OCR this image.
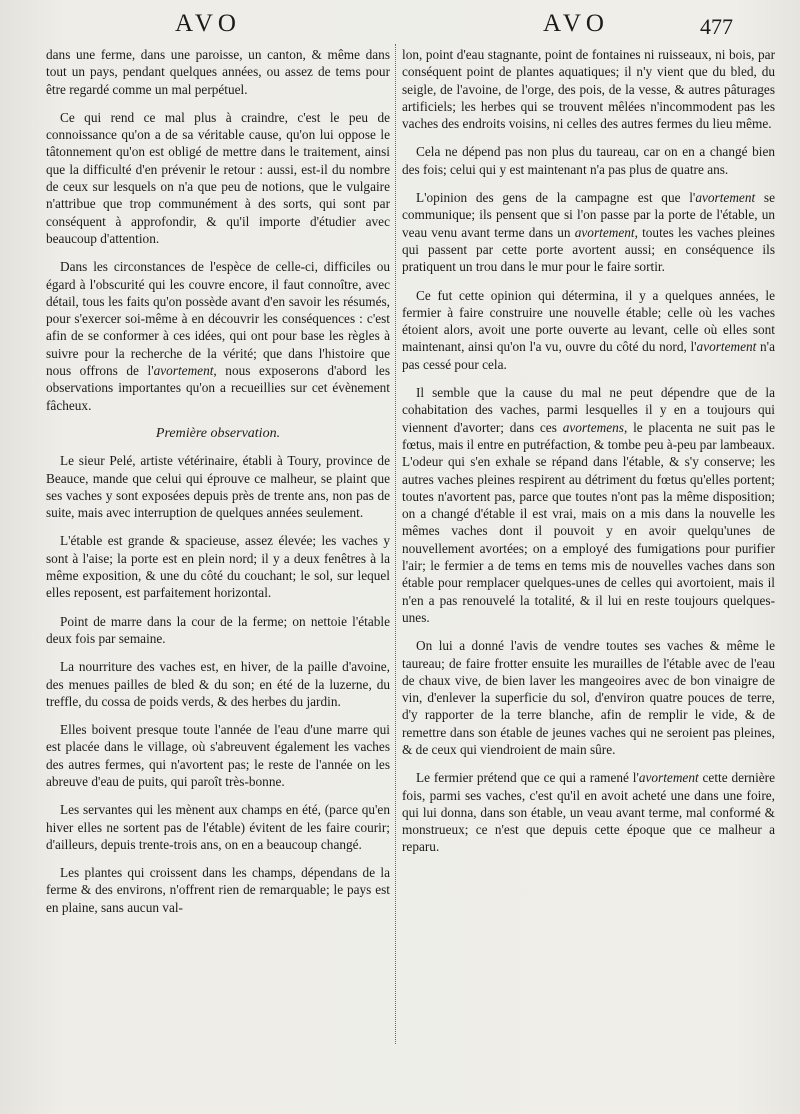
AVO	AVO	477

dans une ferme, dans une paroisse, un canton, & même dans tout un pays, pendant quelques années, ou assez de tems pour être regardé comme un mal perpétuel.

Ce qui rend ce mal plus à craindre, c'est le peu de connoissance qu'on a de sa véritable cause, qu'on lui oppose le tâtonnement qu'on est obligé de mettre dans le traitement, ainsi que la difficulté d'en prévenir le retour : aussi, est-il du nombre de ceux sur lesquels on n'a que peu de notions, que le vulgaire n'attribue que trop communément à des sorts, qui sont par conséquent à approfondir, & qu'il importe d'étudier avec beaucoup d'attention.

Dans les circonstances de l'espèce de celle-ci, difficiles ou égard à l'obscurité qui les couvre encore, il faut connoître, avec détail, tous les faits qu'on possède avant d'en savoir les résumés, pour s'exercer soi-même à en découvrir les conséquences : c'est afin de se conformer à ces idées, qui ont pour base les règles à suivre pour la recherche de la vérité; que dans l'histoire que nous offrons de l'avortement, nous exposerons d'abord les observations importantes qu'on a recueillies sur cet évènement fâcheux.

Première observation.

Le sieur Pelé, artiste vétérinaire, établi à Toury, province de Beauce, mande que celui qui éprouve ce malheur, se plaint que ses vaches y sont exposées depuis près de trente ans, non pas de suite, mais avec interruption de quelques années seulement.

L'étable est grande & spacieuse, assez élevée; les vaches y sont à l'aise; la porte est en plein nord; il y a deux fenêtres à la même exposition, & une du côté du couchant; le sol, sur lequel elles reposent, est parfaitement horizontal.

Point de marre dans la cour de la ferme; on nettoie l'étable deux fois par semaine.

La nourriture des vaches est, en hiver, de la paille d'avoine, des menues pailles de bled & du son; en été de la luzerne, du treffle, du cossa de poids verds, & des herbes du jardin.

Elles boivent presque toute l'année de l'eau d'une marre qui est placée dans le village, où s'abreuvent également les vaches des autres fermes, qui n'avortent pas; le reste de l'année on les abreuve d'eau de puits, qui paroît très-bonne.

Les servantes qui les mènent aux champs en été, (parce qu'en hiver elles ne sortent pas de l'étable) évitent de les faire courir; d'ailleurs, depuis trente-trois ans, on en a beaucoup changé.

Les plantes qui croissent dans les champs, dépendans de la ferme & des environs, n'offrent rien de remarquable; le pays est en plaine, sans aucun val-

lon, point d'eau stagnante, point de fontaines ni ruisseaux, ni bois, par conséquent point de plantes aquatiques; il n'y vient que du bled, du seigle, de l'avoine, de l'orge, des pois, de la vesse, & autres pâturages artificiels; les herbes qui se trouvent mêlées n'incommodent pas les vaches des endroits voisins, ni celles des autres fermes du lieu même.

Cela ne dépend pas non plus du taureau, car on en a changé bien des fois; celui qui y est maintenant n'a pas plus de quatre ans.

L'opinion des gens de la campagne est que l'avortement se communique; ils pensent que si l'on passe par la porte de l'étable, un veau venu avant terme dans un avortement, toutes les vaches pleines qui passent par cette porte avortent aussi; en conséquence ils pratiquent un trou dans le mur pour le faire sortir.

Ce fut cette opinion qui détermina, il y a quelques années, le fermier à faire construire une nouvelle étable; celle où les vaches étoient alors, avoit une porte ouverte au levant, celle où elles sont maintenant, ainsi qu'on l'a vu, ouvre du côté du nord, l'avortement n'a pas cessé pour cela.

Il semble que la cause du mal ne peut dépendre que de la cohabitation des vaches, parmi lesquelles il y en a toujours qui viennent d'avorter; dans ces avortemens, le placenta ne suit pas le fœtus, mais il entre en putréfaction, & tombe peu à-peu par lambeaux. L'odeur qui s'en exhale se répand dans l'étable, & s'y conserve; les autres vaches pleines respirent au détriment du fœtus qu'elles portent; toutes n'avortent pas, parce que toutes n'ont pas la même disposition; on a changé d'étable il est vrai, mais on a mis dans la nouvelle les mêmes vaches dont il pouvoit y en avoir quelqu'unes de nouvellement avortées; on a employé des fumigations pour purifier l'air; le fermier a de tems en tems mis de nouvelles vaches dans son étable pour remplacer quelques-unes de celles qui avortoient, mais il n'en a pas renouvelé la totalité, & il lui en reste toujours quelques-unes.

On lui a donné l'avis de vendre toutes ses vaches & même le taureau; de faire frotter ensuite les murailles de l'étable avec de l'eau de chaux vive, de bien laver les mangeoires avec de bon vinaigre de vin, d'enlever la superficie du sol, d'environ quatre pouces de terre, d'y rapporter de la terre blanche, afin de remplir le vide, & de remettre dans son étable de jeunes vaches qui ne seroient pas pleines, & de ceux qui viendroient de main sûre.

Le fermier prétend que ce qui a ramené l'avortement cette dernière fois, parmi ses vaches, c'est qu'il en avoit acheté une dans une foire, qui lui donna, dans son étable, un veau avant terme, mal conformé & monstrueux; ce n'est que depuis cette époque que ce malheur a reparu.
